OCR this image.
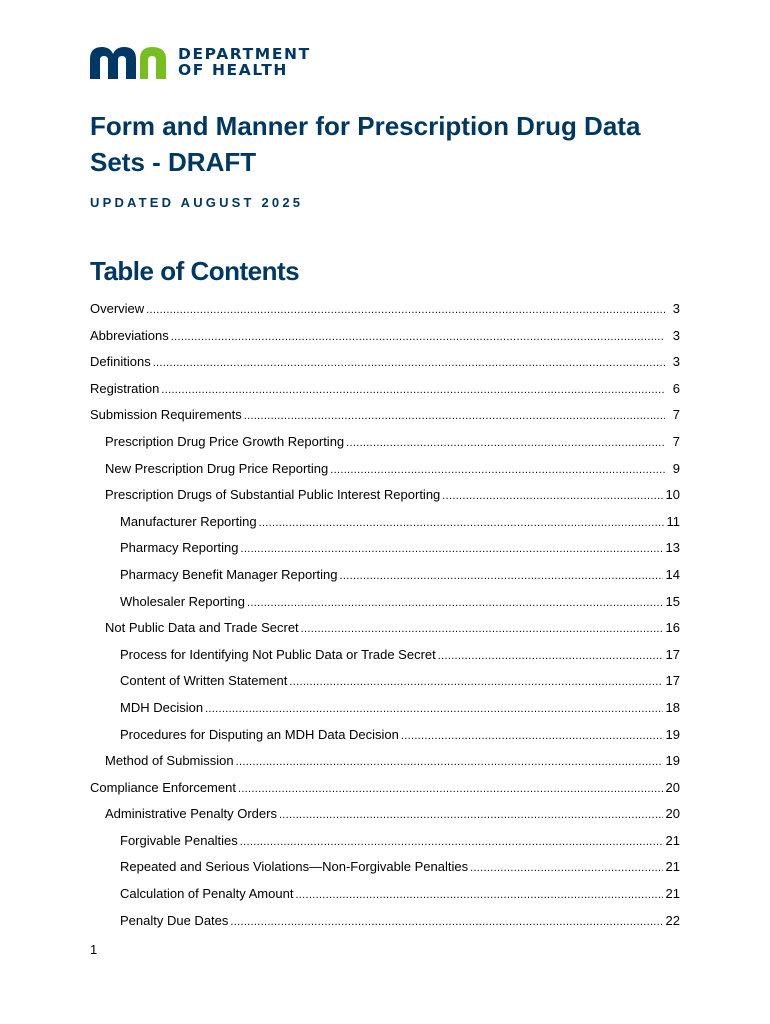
DEPARTMENT
OF HEALTH
Form and Manner for Prescription Drug Data Sets - DRAFT
UPDATED AUGUST 2025
Table of Contents
Overview .....	3
Abbreviations .....	3
Definitions .....	3
Registration .....	6
Submission Requirements .....	7
Prescription Drug Price Growth Reporting .....	7
New Prescription Drug Price Reporting .....	9
Prescription Drugs of Substantial Public Interest Reporting .....	10
Manufacturer Reporting .....	11
Pharmacy Reporting .....	13
Pharmacy Benefit Manager Reporting .....	14
Wholesaler Reporting .....	15
Not Public Data and Trade Secret .....	16
Process for Identifying Not Public Data or Trade Secret .....	17
Content of Written Statement .....	17
MDH Decision .....	18
Procedures for Disputing an MDH Data Decision .....	19
Method of Submission .....	19
Compliance Enforcement .....	20
Administrative Penalty Orders .....	20
Forgivable Penalties .....	21
Repeated and Serious Violations—Non-Forgivable Penalties .....	21
Calculation of Penalty Amount .....	21
Penalty Due Dates .....	22
1
